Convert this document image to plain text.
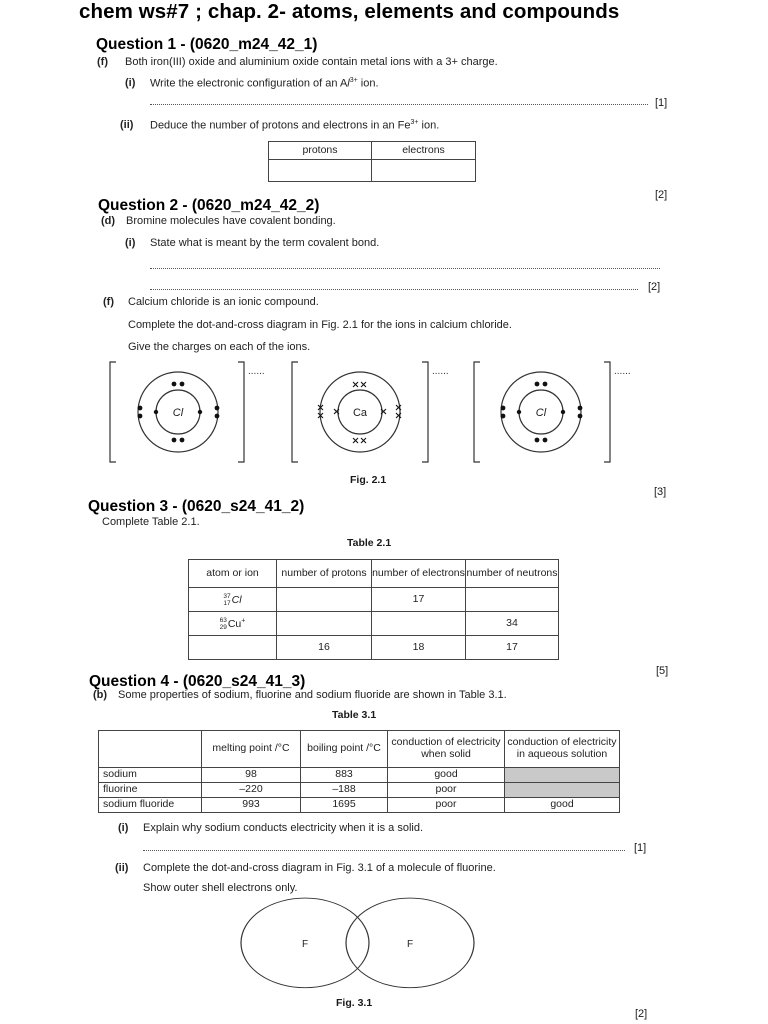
chem ws#7 ; chap. 2- atoms, elements and compounds
Question 1 - (0620_m24_42_1)
(f) Both iron(III) oxide and aluminium oxide contain metal ions with a 3+ charge.
(i) Write the electronic configuration of an $Al^{3+}$ ion.
[1]
(ii) Deduce the number of protons and electrons in an $Fe^{3+}$ ion.
protons	electrons

[2]
Question 2 - (0620_m24_42_2)
(d) Bromine molecules have covalent bonding.
(i) State what is meant by the term covalent bond.
[2]
(f) Calcium chloride is an ionic compound.
Complete the dot-and-cross diagram in Fig. 2.1 for the ions in calcium chloride.
Give the charges on each of the ions.
Cl	Ca	Cl
......	......	......
Fig. 2.1
[3]
Question 3 - (0620_s24_41_2)
Complete Table 2.1.
Table 2.1
atom or ion	number of protons	number of electrons	number of neutrons
37
17Cl		17	
63
29Cu+			34
	16	18	17
[5]
Question 4 - (0620_s24_41_3)
(b) Some properties of sodium, fluorine and sodium fluoride are shown in Table 3.1.
Table 3.1
	melting point /°C	boiling point /°C	conduction of electricity when solid	conduction of electricity in aqueous solution
sodium	98	883	good	
fluorine	–220	–188	poor	
sodium fluoride	993	1695	poor	good
(i) Explain why sodium conducts electricity when it is a solid.
[1]
(ii) Complete the dot-and-cross diagram in Fig. 3.1 of a molecule of fluorine.
Show outer shell electrons only.
F	F
Fig. 3.1
[2]
